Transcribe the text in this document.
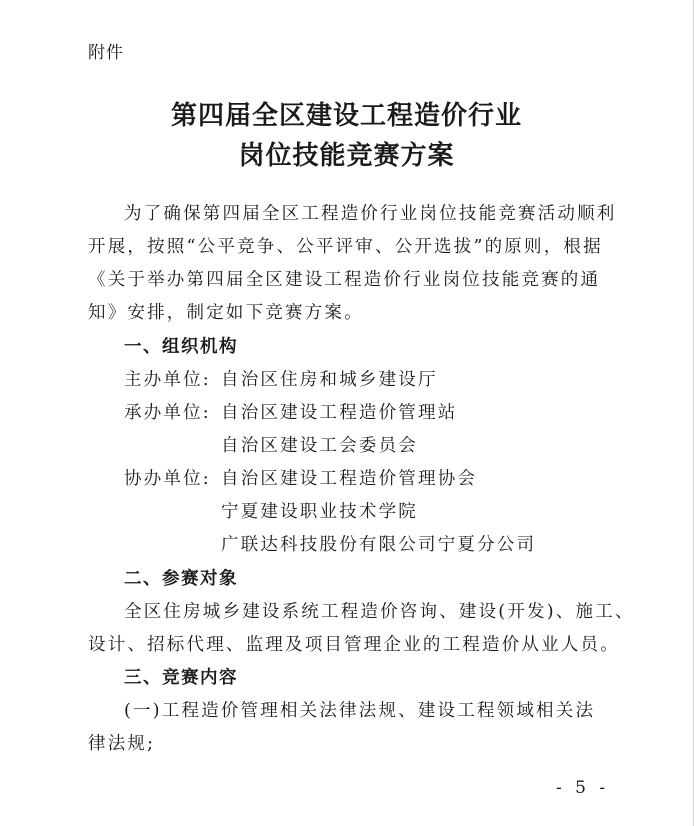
附件
第四届全区建设工程造价行业
岗位技能竞赛方案
为了确保第四届全区工程造价行业岗位技能竞赛活动顺利
开展，按照“公平竞争、公平评审、公开选拔”的原则，根据
《关于举办第四届全区建设工程造价行业岗位技能竞赛的通
知》安排，制定如下竞赛方案。
一、组织机构
主办单位: 自治区住房和城乡建设厅
承办单位: 自治区建设工程造价管理站
自治区建设工会委员会
协办单位: 自治区建设工程造价管理协会
宁夏建设职业技术学院
广联达科技股份有限公司宁夏分公司
二、参赛对象
全区住房城乡建设系统工程造价咨询、建设(开发)、施工、
设计、招标代理、监理及项目管理企业的工程造价从业人员。
三、竞赛内容
(一)工程造价管理相关法律法规、建设工程领域相关法
律法规;
- 5 -
